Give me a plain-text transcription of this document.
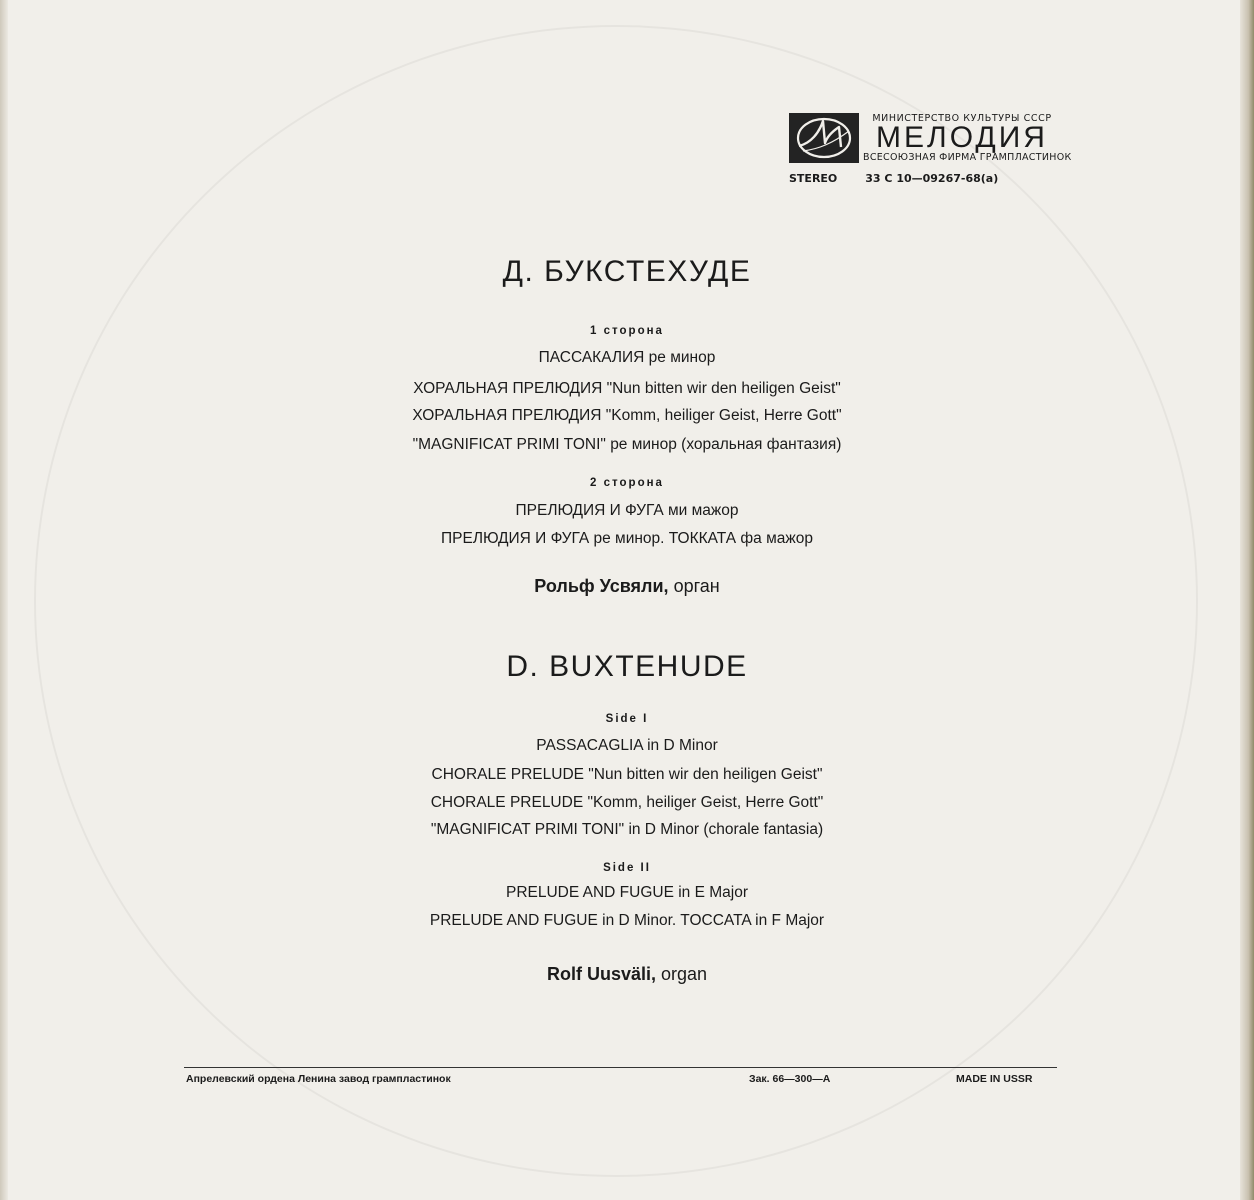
МИНИСТЕРСТВО КУЛЬТУРЫ СССР
МЕЛОДИЯ
ВСЕСОЮЗНАЯ ФИРМА ГРАМПЛАСТИНОК
STEREO	33 С 10—09267-68(а)
Д. БУКСТЕХУДЕ
1 сторона
ПАССАКАЛИЯ ре минор
ХОРАЛЬНАЯ ПРЕЛЮДИЯ "Nun bitten wir den heiligen Geist"
ХОРАЛЬНАЯ ПРЕЛЮДИЯ "Komm, heiliger Geist, Herre Gott"
"MAGNIFICAT PRIMI TONI" ре минор (хоральная фантазия)
2 сторона
ПРЕЛЮДИЯ И ФУГА ми мажор
ПРЕЛЮДИЯ И ФУГА ре минор. ТОККАТА фа мажор
Рольф Усвяли, орган
D. BUXTEHUDE
Side I
PASSACAGLIA in D Minor
CHORALE PRELUDE "Nun bitten wir den heiligen Geist"
CHORALE PRELUDE "Komm, heiliger Geist, Herre Gott"
"MAGNIFICAT PRIMI TONI" in D Minor (chorale fantasia)
Side II
PRELUDE AND FUGUE in E Major
PRELUDE AND FUGUE in D Minor. TOCCATA in F Major
Rolf Uusväli, organ
Апрелевский ордена Ленина завод грампластинок	Зак. 66—300—А	MADE IN USSR
